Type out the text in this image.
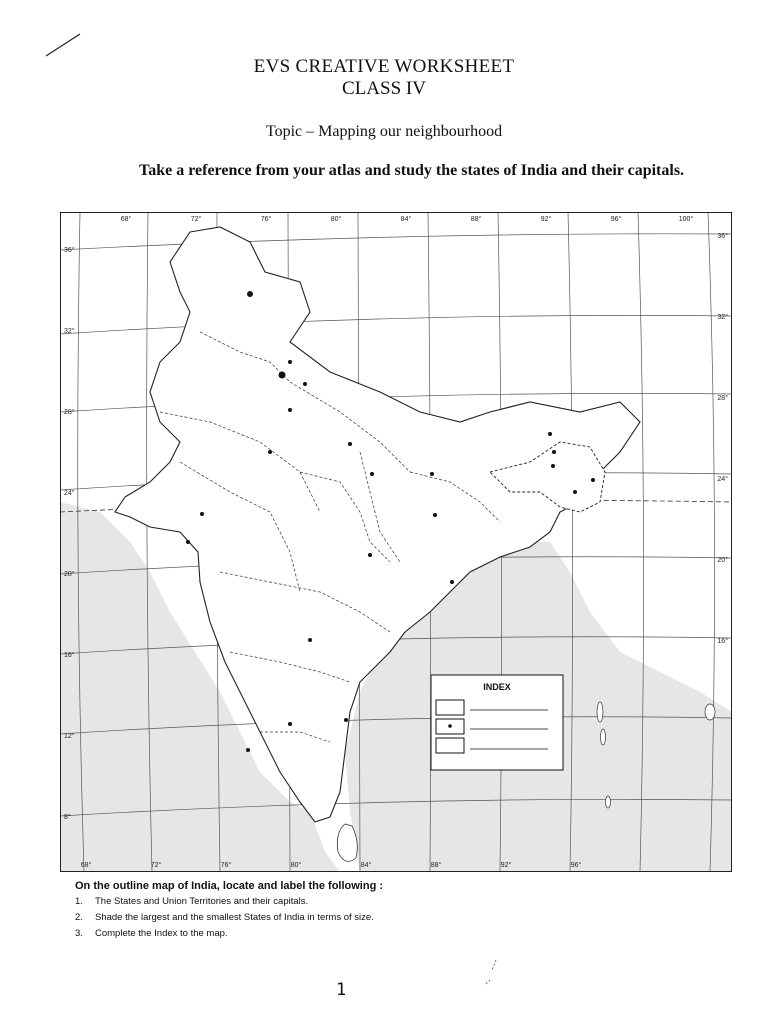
EVS CREATIVE WORKSHEET
CLASS IV
Topic – Mapping our neighbourhood
Take a reference from your atlas and study the states of India and their capitals.
68°	72°	76°	80°	84°	88°	92°	96°	100°
36°
32°
28°
24°
20°
16°
36°
32°
28°
24°
20°
16°
12°
8°
68°	72°	76°	80°	84°	88°	92°	96°
INDEX

On the outline map of India, locate and label the following :

1.	The States and Union Territories and their capitals.
2.	Shade the largest and the smallest States of India in terms of size.
3.	Complete the Index to the map.
1
